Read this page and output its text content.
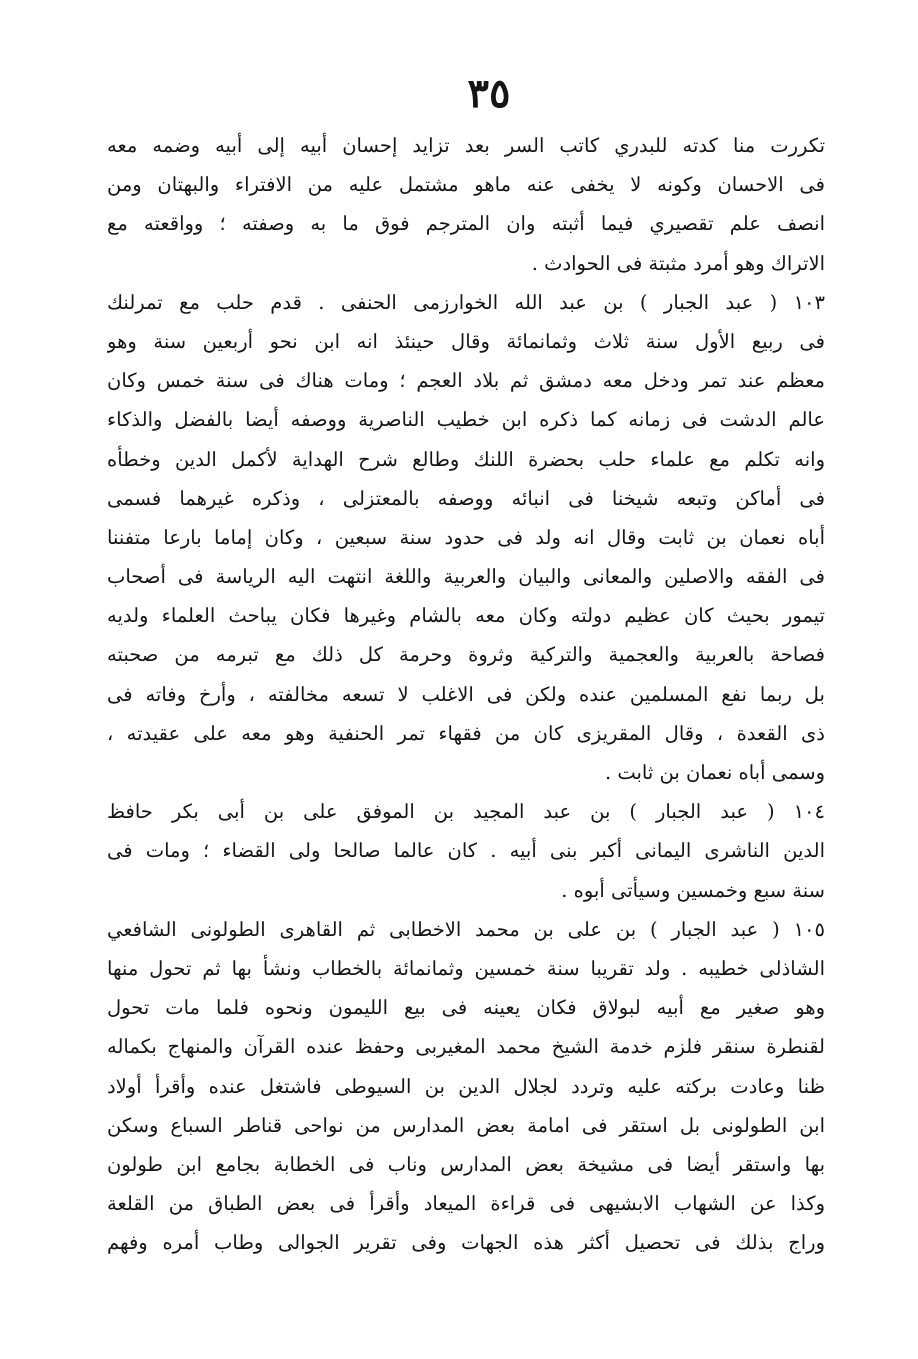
٣٥
تكررت منا كدته للبدري كاتب السر بعد تزايد إحسان أبيه إلى أبيه وضمه معه
فى الاحسان وكونه لا يخفى عنه ماهو مشتمل عليه من الافتراء والبهتان ومن
انصف علم تقصيري فيما أثبته وان المترجم فوق ما به وصفته ؛ وواقعته مع
الاتراك وهو أمرد مثبتة فى الحوادث .
١٠٣ ( عبد الجبار ) بن عبد الله الخوارزمى الحنفى . قدم حلب مع تمرلنك
فى ربيع الأول سنة ثلاث وثمانمائة وقال حينئذ انه ابن نحو أربعين سنة وهو
معظم عند تمر ودخل معه دمشق ثم بلاد العجم ؛ ومات هناك فى سنة خمس وكان
عالم الدشت فى زمانه كما ذكره ابن خطيب الناصرية ووصفه أيضا بالفضل والذكاء
وانه تكلم مع علماء حلب بحضرة اللنك وطالع شرح الهداية لأكمل الدين وخطأه
فى أماكن وتبعه شيخنا فى انبائه ووصفه بالمعتزلى ، وذكره غيرهما فسمى
أباه نعمان بن ثابت وقال انه ولد فى حدود سنة سبعين ، وكان إماما بارعا متفننا
فى الفقه والاصلين والمعانى والبيان والعربية واللغة انتهت اليه الرياسة فى أصحاب
تيمور بحيث كان عظيم دولته وكان معه بالشام وغيرها فكان يباحث العلماء ولديه
فصاحة بالعربية والعجمية والتركية وثروة وحرمة كل ذلك مع تبرمه من صحبته
بل ربما نفع المسلمين عنده ولكن فى الاغلب لا تسعه مخالفته ، وأرخ وفاته فى
ذى القعدة ، وقال المقريزى كان من فقهاء تمر الحنفية وهو معه على عقيدته ،
وسمى أباه نعمان بن ثابت .
١٠٤ ( عبد الجبار ) بن عبد المجيد بن الموفق على بن أبى بكر حافظ
الدين الناشرى اليمانى أكبر بنى أبيه . كان عالما صالحا ولى القضاء ؛ ومات فى
سنة سبع وخمسين وسيأتى أبوه .
١٠٥ ( عبد الجبار ) بن على بن محمد الاخطابى ثم القاهرى الطولونى الشافعي
الشاذلى خطيبه . ولد تقريبا سنة خمسين وثمانمائة بالخطاب ونشأ بها ثم تحول منها
وهو صغير مع أبيه لبولاق فكان يعينه فى بيع الليمون ونحوه فلما مات تحول
لقنطرة سنقر فلزم خدمة الشيخ محمد المغيربى وحفظ عنده القرآن والمنهاج بكماله
ظنا وعادت بركته عليه وتردد لجلال الدين بن السيوطى فاشتغل عنده وأقرأ أولاد
ابن الطولونى بل استقر فى امامة بعض المدارس من نواحى قناطر السباع وسكن
بها واستقر أيضا فى مشيخة بعض المدارس وناب فى الخطابة بجامع ابن طولون
وكذا عن الشهاب الابشيهى فى قراءة الميعاد وأقرأ فى بعض الطباق من القلعة
وراج بذلك فى تحصيل أكثر هذه الجهات وفى تقرير الجوالى وطاب أمره وفهم
